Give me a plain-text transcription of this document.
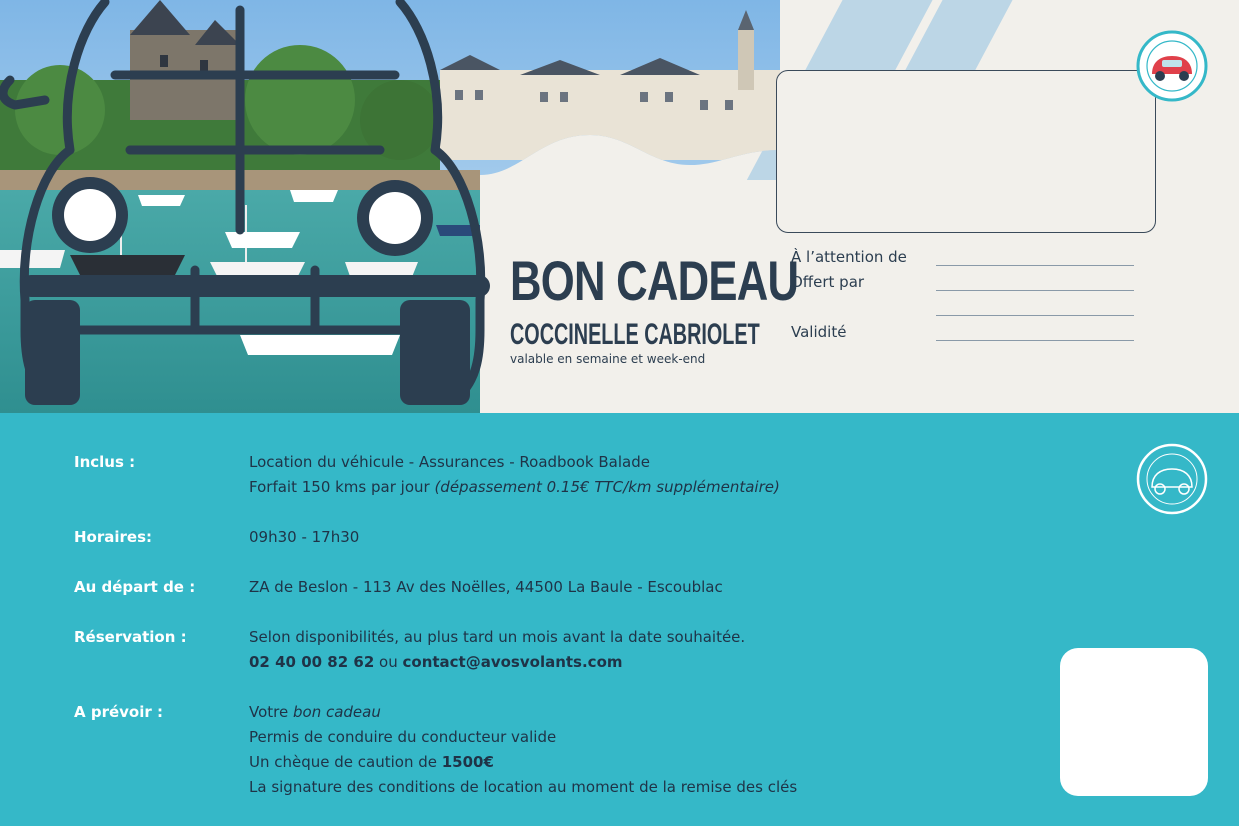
BON CADEAU
COCCINELLE CABRIOLET
valable en semaine et week-end
À l’attention de
Offert par
Validité
Inclus :	Location du véhicule - Assurances - Roadbook Balade
Forfait 150 kms par jour (dépassement 0.15€ TTC/km supplémentaire)
Horaires:	09h30 - 17h30
Au départ de :	ZA de Beslon - 113 Av des Noëlles, 44500 La Baule - Escoublac
Réservation :	Selon disponibilités, au plus tard un mois avant la date souhaitée.
02 40 00 82 62 ou contact@avosvolants.com
A prévoir :	Votre bon cadeau
Permis de conduire du conducteur valide
Un chèque de caution de 1500€
La signature des conditions de location au moment de la remise des clés
